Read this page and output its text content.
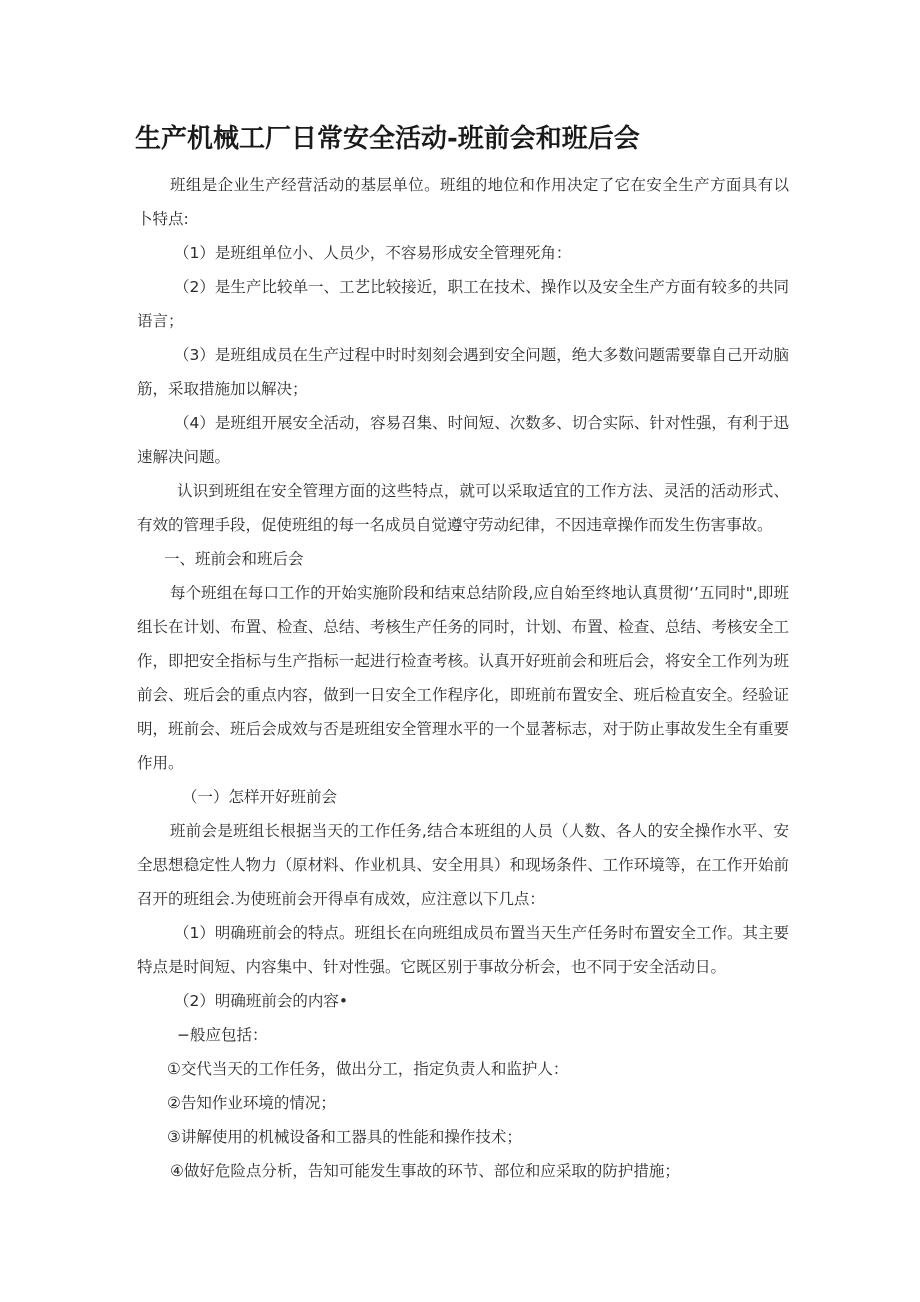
生产机械工厂日常安全活动-班前会和班后会

班组是企业生产经营活动的基层单位。班组的地位和作用决定了它在安全生产方面具有以卜特点:

（1）是班组单位小、人员少，不容易形成安全管理死角：

（2）是生产比较单一、工艺比较接近，职工在技术、操作以及安全生产方面有较多的共同语言；

（3）是班组成员在生产过程中时时刻刻会遇到安全问题，绝大多数问题需要靠自己开动脑筋，采取措施加以解决；

（4）是班组开展安全活动，容易召集、时间短、次数多、切合实际、针对性强，有利于迅速解决问题。

认识到班组在安全管理方面的这些特点，就可以采取适宜的工作方法、灵活的活动形式、有效的管理手段，促使班组的每一名成员自觉遵守劳动纪律，不因违章操作而发生伤害事故。

一、班前会和班后会

每个班组在每口工作的开始实施阶段和结束总结阶段,应自始至终地认真贯彻‘’五同时",即班组长在计划、布置、检查、总结、考核生产任务的同时，计划、布置、检查、总结、考核安全工作，即把安全指标与生产指标一起进行检查考核。认真开好班前会和班后会，将安全工作列为班前会、班后会的重点内容，做到一日安全工作程序化，即班前布置安全、班后检直安全。经验证明，班前会、班后会成效与否是班组安全管理水平的一个显著标志，对于防止事故发生全有重要作用。

（一）怎样开好班前会

班前会是班组长根据当天的工作任务,结合本班组的人员（人数、各人的安全操作水平、安全思想稳定性人物力（原材料、作业机具、安全用具）和现场条件、工作环境等，在工作开始前召开的班组会.为使班前会开得卓有成效，应注意以下几点：

（1）明确班前会的特点。班组长在向班组成员布置当天生产任务时布置安全工作。其主要特点是时间短、内容集中、针对性强。它既区别于事故分析会，也不同于安全活动日。

（2）明确班前会的内容•

−般应包括：

①交代当天的工作任务，做出分工，指定负责人和监护人：

②告知作业环境的情况；

③讲解使用的机械设备和工器具的性能和操作技术；

④做好危险点分析，告知可能发生事故的环节、部位和应采取的防护措施；
